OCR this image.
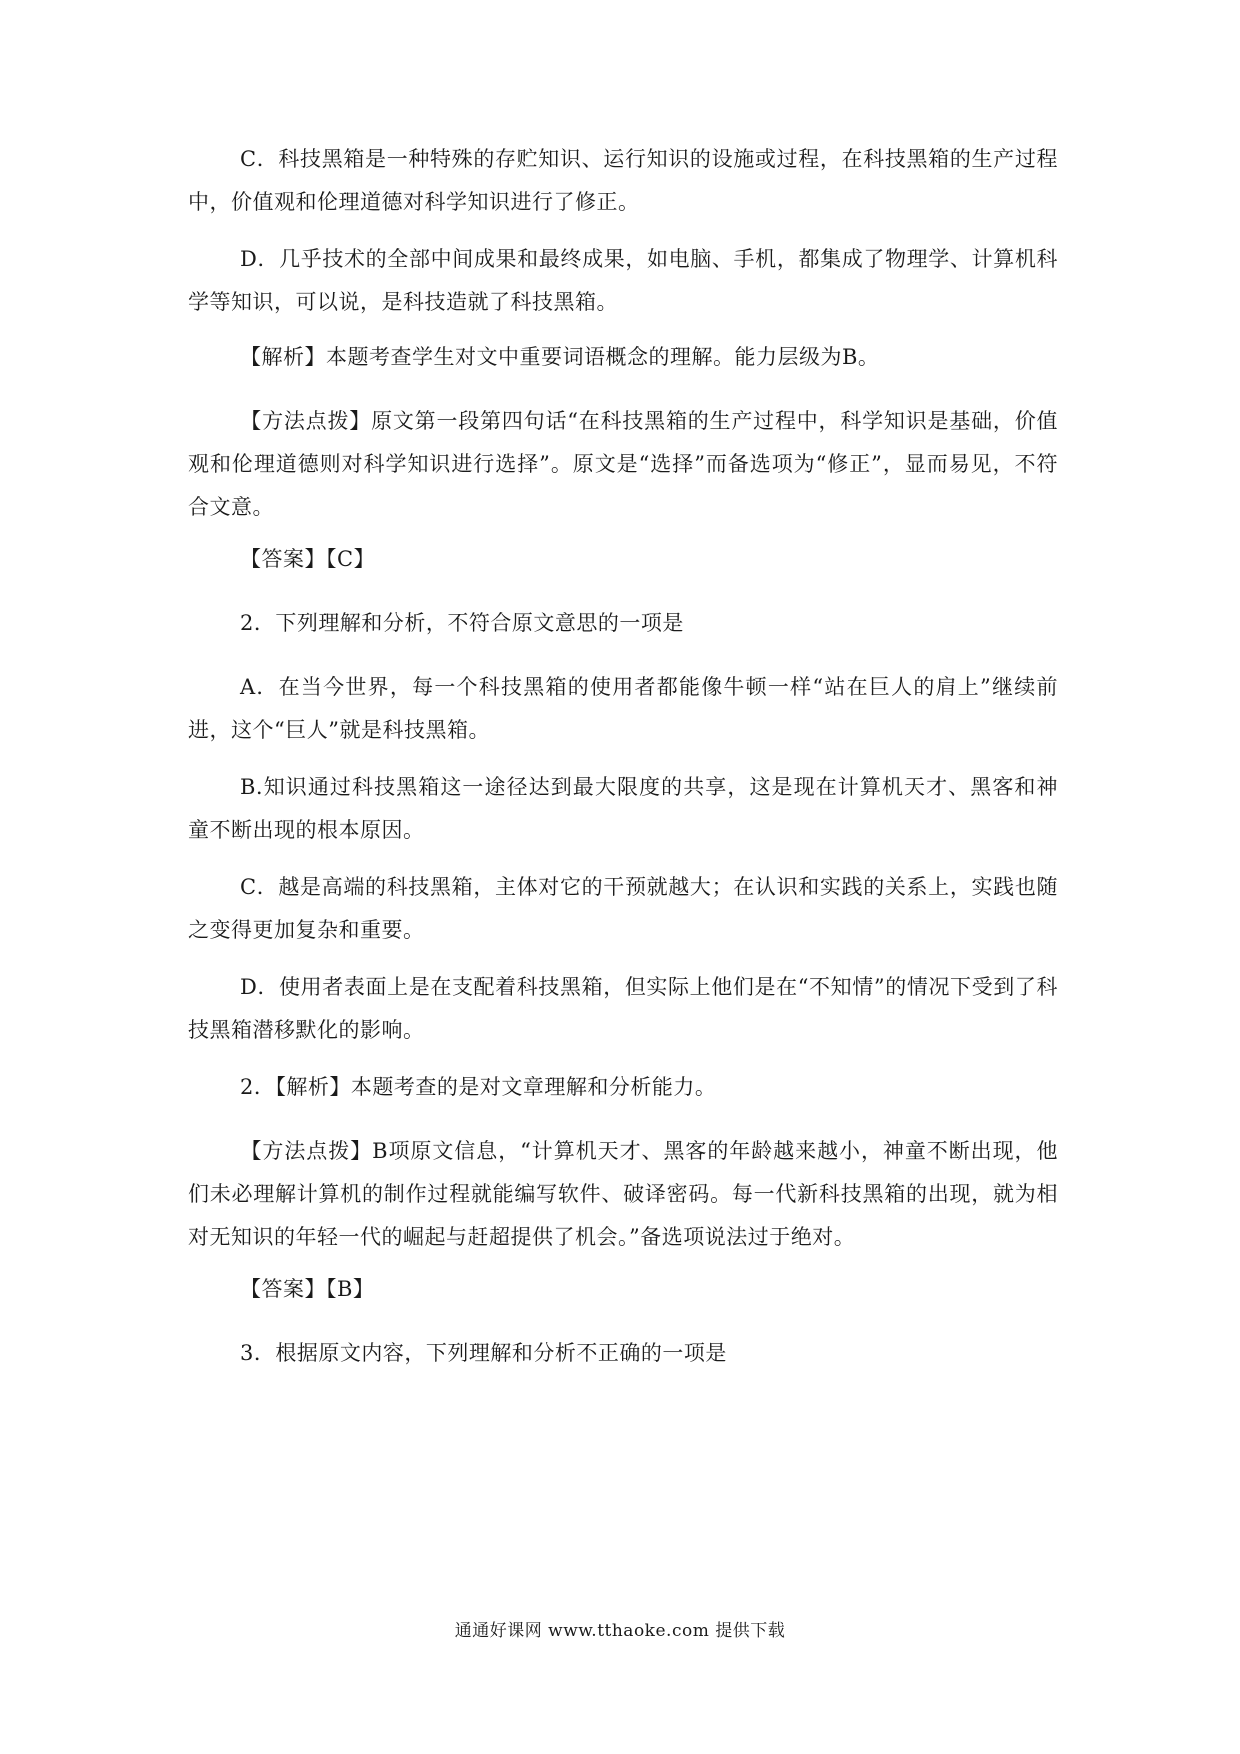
C．科技黑箱是一种特殊的存贮知识、运行知识的设施或过程，在科技黑箱的生产过程中，价值观和伦理道德对科学知识进行了修正。

D．几乎技术的全部中间成果和最终成果，如电脑、手机，都集成了物理学、计算机科学等知识，可以说，是科技造就了科技黑箱。

【解析】本题考查学生对文中重要词语概念的理解。能力层级为B。

【方法点拨】原文第一段第四句话“在科技黑箱的生产过程中，科学知识是基础，价值观和伦理道德则对科学知识进行选择”。原文是“选择”而备选项为“修正”，显而易见，不符合文意。

【答案】【C】

2．下列理解和分析，不符合原文意思的一项是

A．在当今世界，每一个科技黑箱的使用者都能像牛顿一样“站在巨人的肩上”继续前进，这个“巨人”就是科技黑箱。

B.知识通过科技黑箱这一途径达到最大限度的共享，这是现在计算机天才、黑客和神童不断出现的根本原因。

C．越是高端的科技黑箱，主体对它的干预就越大；在认识和实践的关系上，实践也随之变得更加复杂和重要。

D．使用者表面上是在支配着科技黑箱，但实际上他们是在“不知情”的情况下受到了科技黑箱潜移默化的影响。

2．【解析】本题考查的是对文章理解和分析能力。

【方法点拨】B项原文信息，“计算机天才、黑客的年龄越来越小，神童不断出现，他们未必理解计算机的制作过程就能编写软件、破译密码。每一代新科技黑箱的出现，就为相对无知识的年轻一代的崛起与赶超提供了机会。”备选项说法过于绝对。

【答案】【B】

3．根据原文内容，下列理解和分析不正确的一项是

通通好课网 www.tthaoke.com 提供下载
